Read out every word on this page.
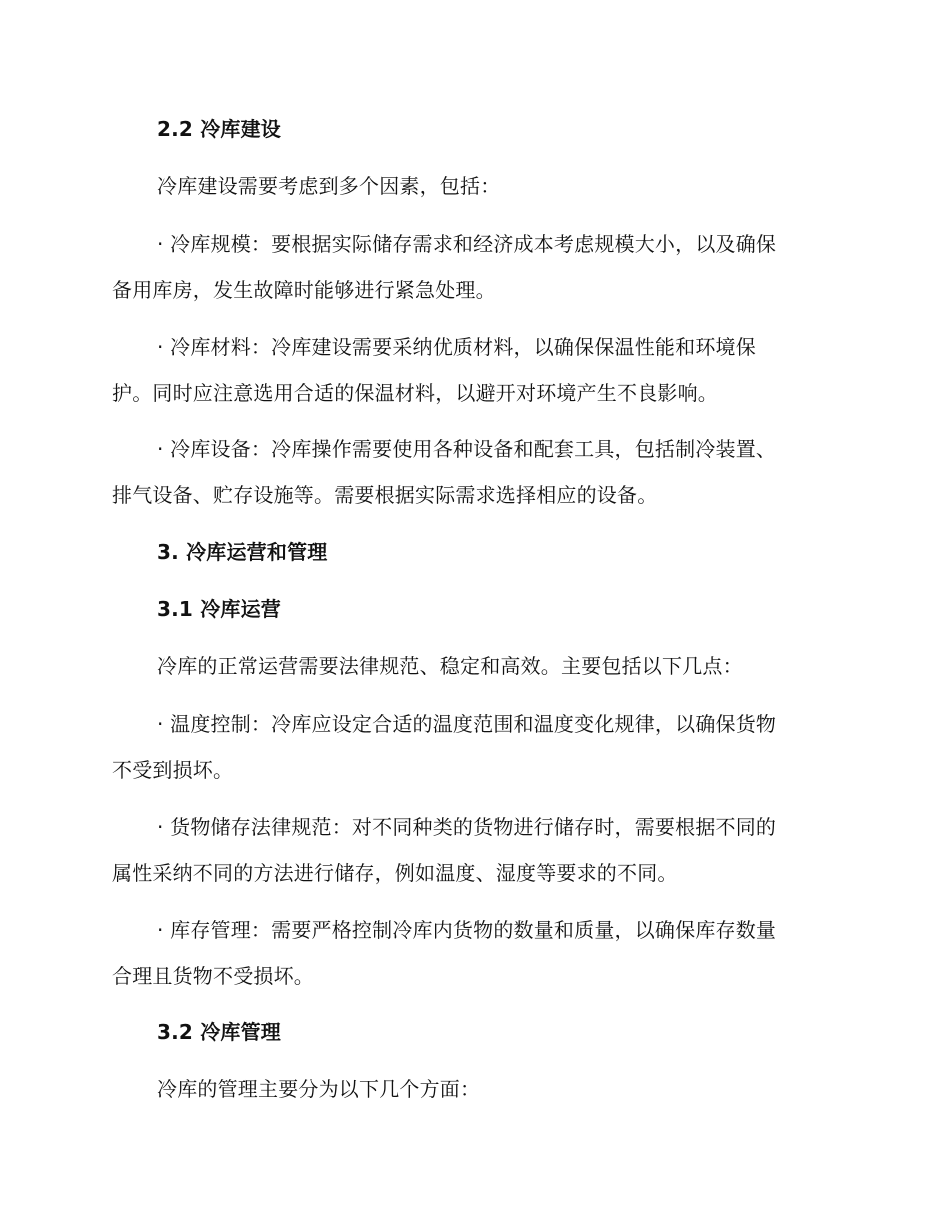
2.2 冷库建设
冷库建设需要考虑到多个因素，包括：
· 冷库规模：要根据实际储存需求和经济成本考虑规模大小，以及确保
备用库房，发生故障时能够进行紧急处理。
· 冷库材料：冷库建设需要采纳优质材料，以确保保温性能和环境保
护。同时应注意选用合适的保温材料，以避开对环境产生不良影响。
· 冷库设备：冷库操作需要使用各种设备和配套工具，包括制冷装置、
排气设备、贮存设施等。需要根据实际需求选择相应的设备。
3. 冷库运营和管理
3.1 冷库运营
冷库的正常运营需要法律规范、稳定和高效。主要包括以下几点：
· 温度控制：冷库应设定合适的温度范围和温度变化规律，以确保货物
不受到损坏。
· 货物储存法律规范：对不同种类的货物进行储存时，需要根据不同的
属性采纳不同的方法进行储存，例如温度、湿度等要求的不同。
· 库存管理：需要严格控制冷库内货物的数量和质量，以确保库存数量
合理且货物不受损坏。
3.2 冷库管理
冷库的管理主要分为以下几个方面：
